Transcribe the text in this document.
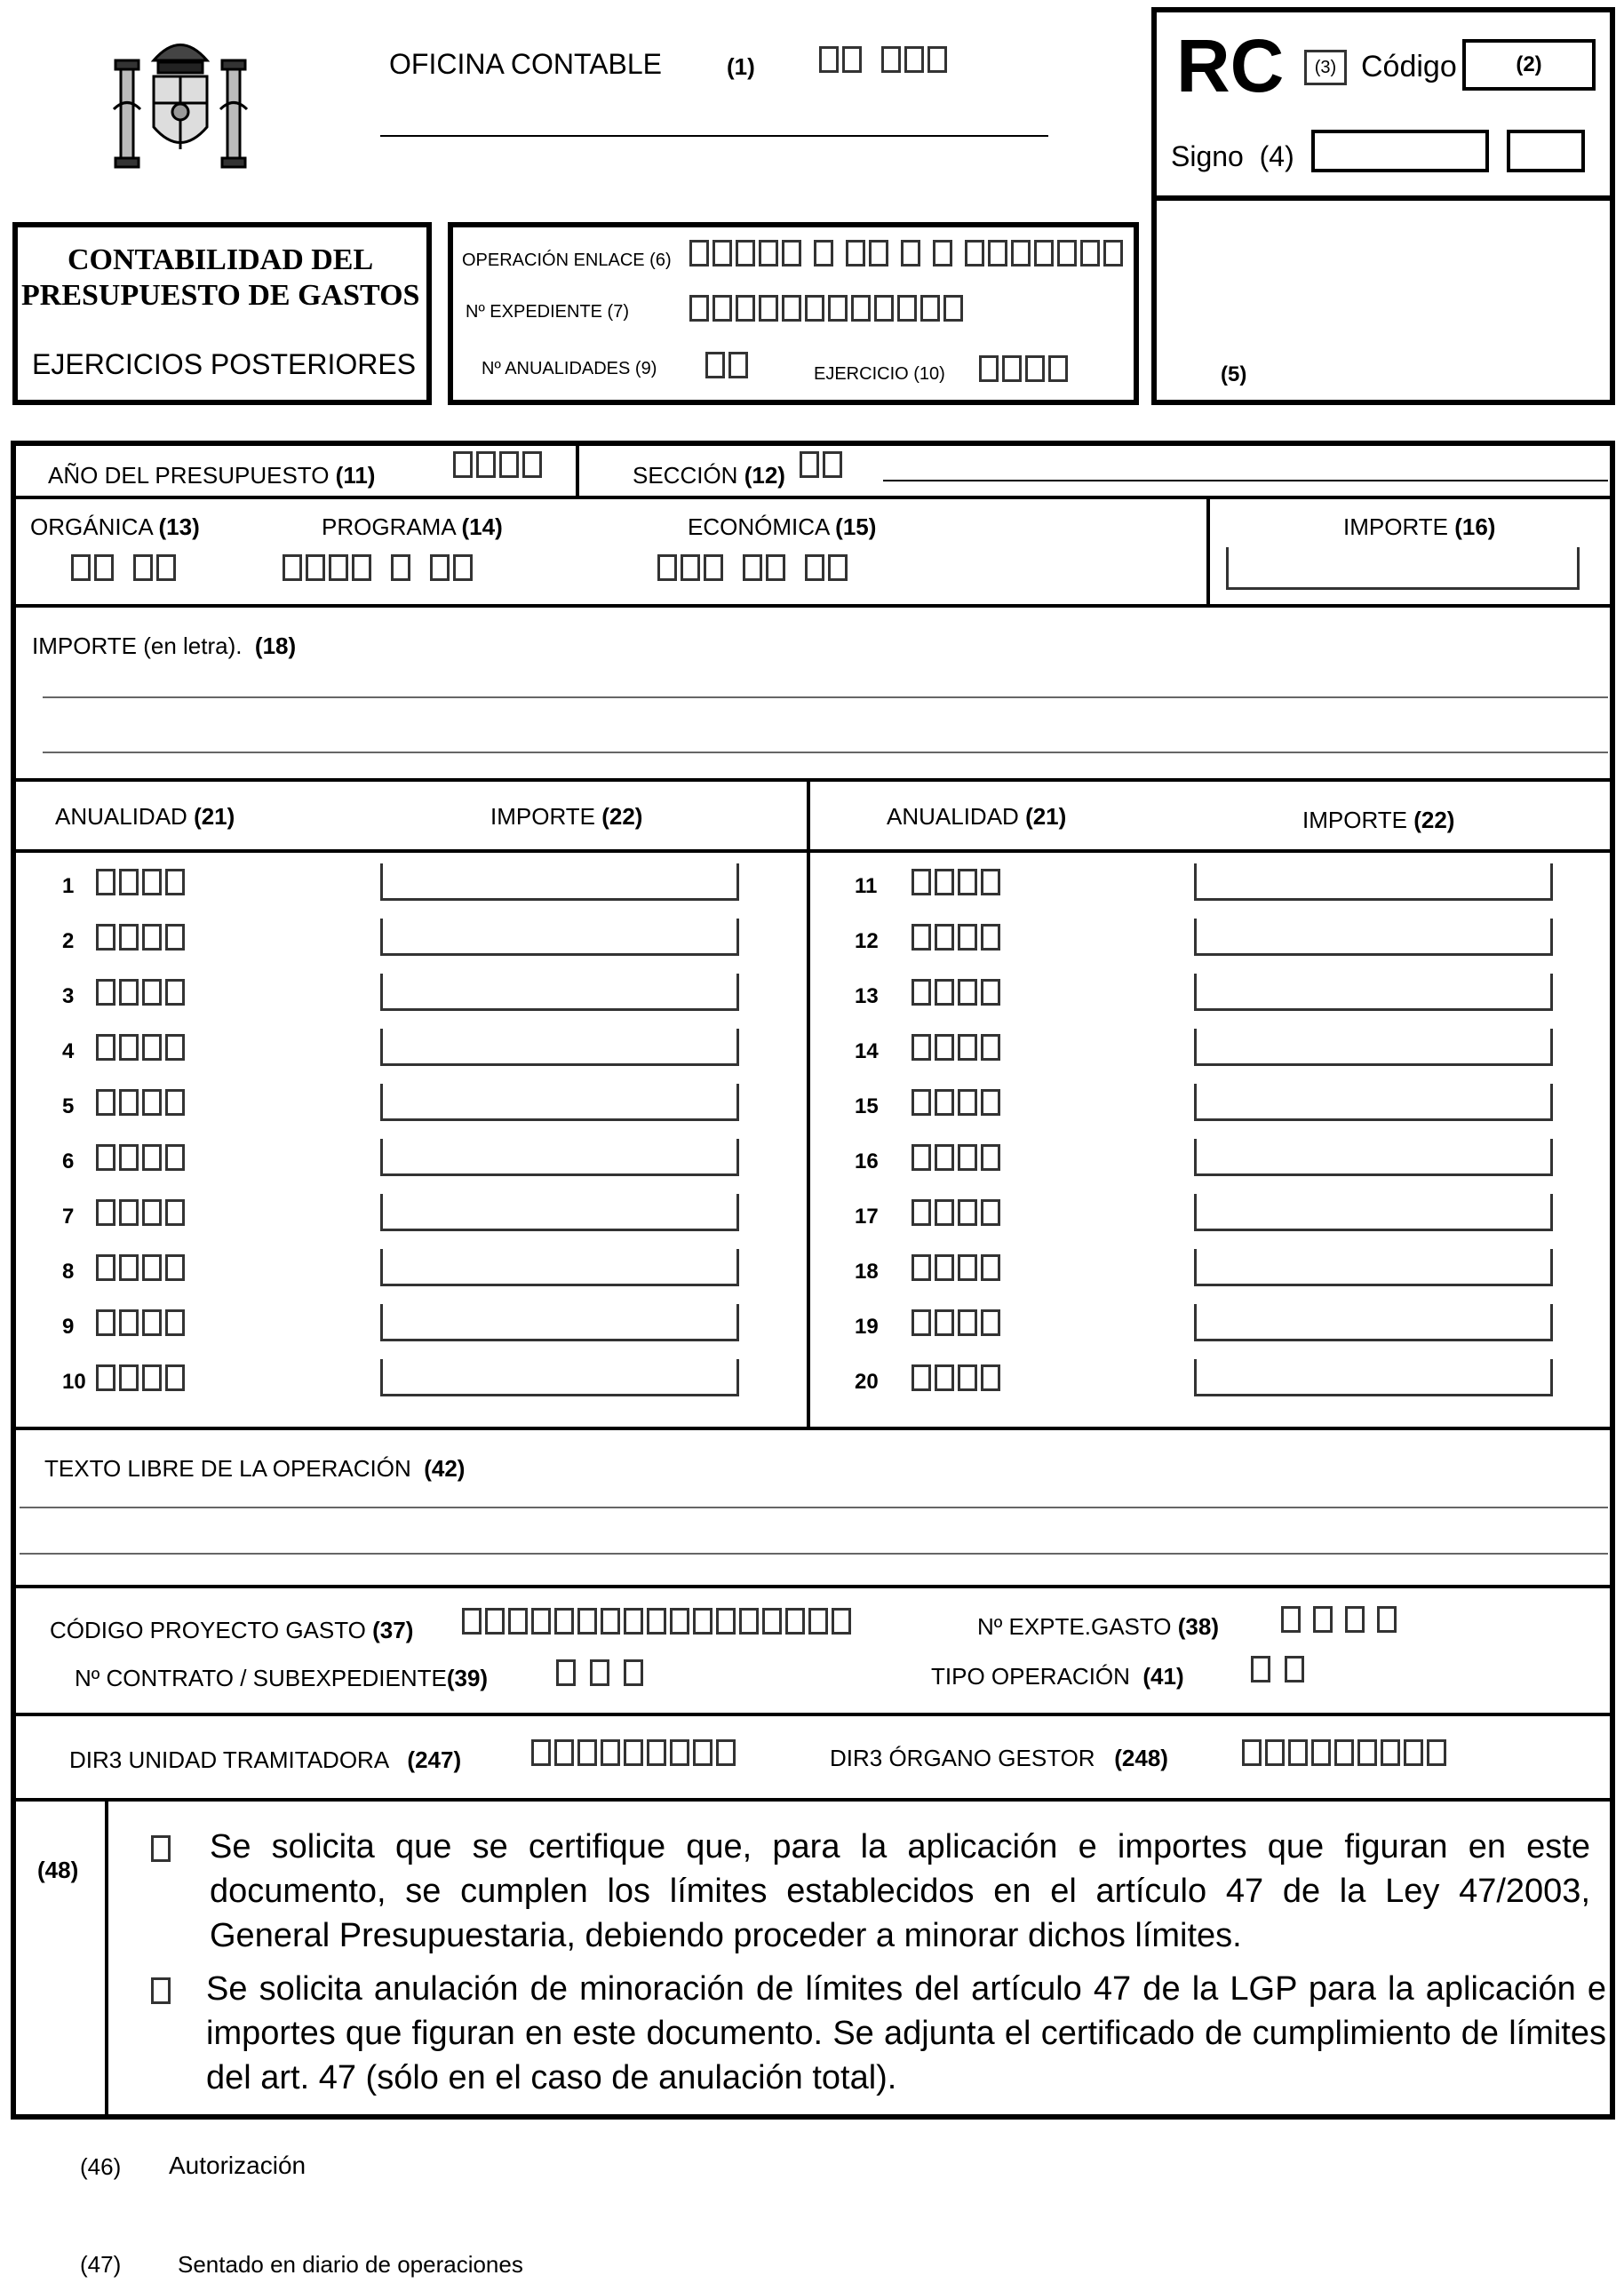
OFICINA CONTABLE	(1)	RC	(3) Código	(2)
Signo (4)
(5)
CONTABILIDAD DEL
PRESUPUESTO DE GASTOS
EJERCICIOS POSTERIORES
OPERACIÓN ENLACE (6)
Nº EXPEDIENTE (7)
Nº ANUALIDADES (9)	EJERCICIO (10)
AÑO DEL PRESUPUESTO (11)	SECCIÓN (12)
ORGÁNICA (13)	PROGRAMA (14)	ECONÓMICA (15)	IMPORTE (16)
IMPORTE (en letra). (18)
ANUALIDAD (21)	IMPORTE (22)	ANUALIDAD (21)	IMPORTE (22)
1
2
3
4
5
6
7
8
9
10
11
12
13
14
15
16
17
18
19
20
TEXTO LIBRE DE LA OPERACIÓN (42)
CÓDIGO PROYECTO GASTO (37)	Nº EXPTE.GASTO (38)
Nº CONTRATO / SUBEXPEDIENTE(39)	TIPO OPERACIÓN (41)
DIR3 UNIDAD TRAMITADORA (247)	DIR3 ÓRGANO GESTOR (248)
(48)
Se solicita que se certifique que, para la aplicación e importes que figuran en este documento, se cumplen los límites establecidos en el artículo 47 de la Ley 47/2003, General Presupuestaria, debiendo proceder a minorar dichos límites.
Se solicita anulación de minoración de límites del artículo 47 de la LGP para la aplicación e importes que figuran en este documento. Se adjunta el certificado de cumplimiento de límites del art. 47 (sólo en el caso de anulación total).
(46) Autorización
(47) Sentado en diario de operaciones
